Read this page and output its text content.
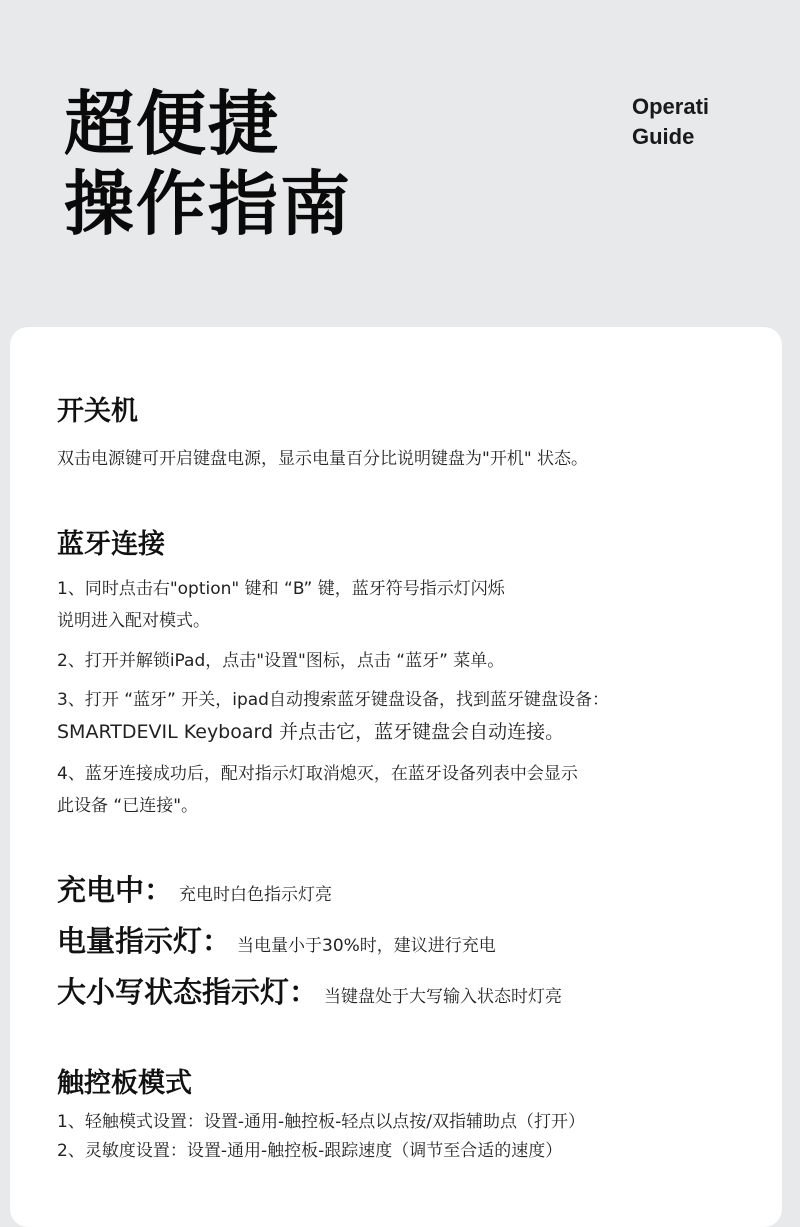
超便捷
操作指南
Operati
Guide
开关机
双击电源键可开启键盘电源，显示电量百分比说明键盘为"开机" 状态。
蓝牙连接
1、同时点击右"option" 键和 “B” 键，蓝牙符号指示灯闪烁
说明进入配对模式。
2、打开并解锁iPad，点击"设置"图标，点击 “蓝牙” 菜单。
3、打开 “蓝牙” 开关，ipad自动搜索蓝牙键盘设备，找到蓝牙键盘设备：
SMARTDEVIL Keyboard 并点击它，蓝牙键盘会自动连接。
4、蓝牙连接成功后，配对指示灯取消熄灭，在蓝牙设备列表中会显示
此设备 “已连接"。
充电中： 充电时白色指示灯亮
电量指示灯： 当电量小于30%时，建议进行充电
大小写状态指示灯： 当键盘处于大写输入状态时灯亮
触控板模式
1、轻触模式设置：设置-通用-触控板-轻点以点按/双指辅助点（打开）
2、灵敏度设置：设置-通用-触控板-跟踪速度（调节至合适的速度）
